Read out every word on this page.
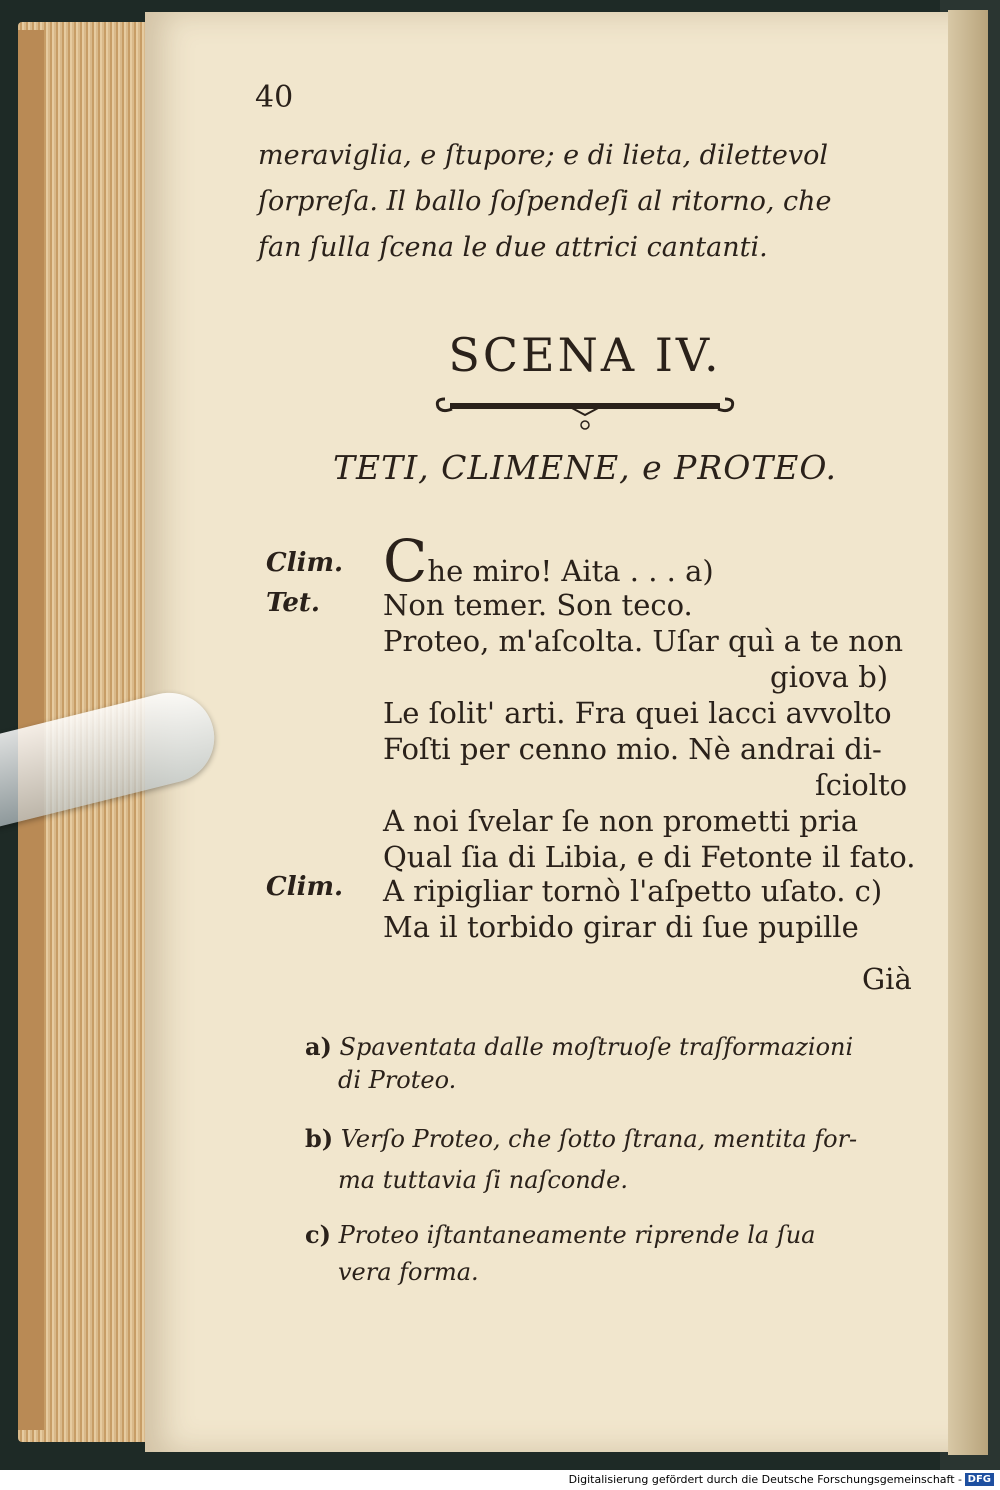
40
meraviglia, e ſtupore; e di lieta, dilettevol
ſorpreſa. Il ballo ſoſpendeſi al ritorno, che
fan ſulla ſcena le due attrici cantanti.
SCENA IV.
TETI, CLIMENE, e PROTEO.
Clim.
Tet.
Clim.
Che miro! Aita . . . a)
Non temer. Son teco.
Proteo, m'aſcolta. Uſar quì a te non
giova b)
Le ſolit' arti. Fra quei lacci avvolto
Foſti per cenno mio. Nè andrai di-
ſciolto
A noi ſvelar ſe non prometti pria
Qual ſia di Libia, e di Fetonte il fato.
A ripigliar tornò l'aſpetto uſato. c)
Ma il torbido girar di ſue pupille
Già
a) Spaventata dalle moſtruoſe traſformazioni
di Proteo.
b) Verſo Proteo, che ſotto ſtrana, mentita for-
ma tuttavia ſi naſconde.
c) Proteo iſtantaneamente riprende la ſua
vera forma.
Digitalisierung gefördert durch die Deutsche Forschungsgemeinschaft - DFG
